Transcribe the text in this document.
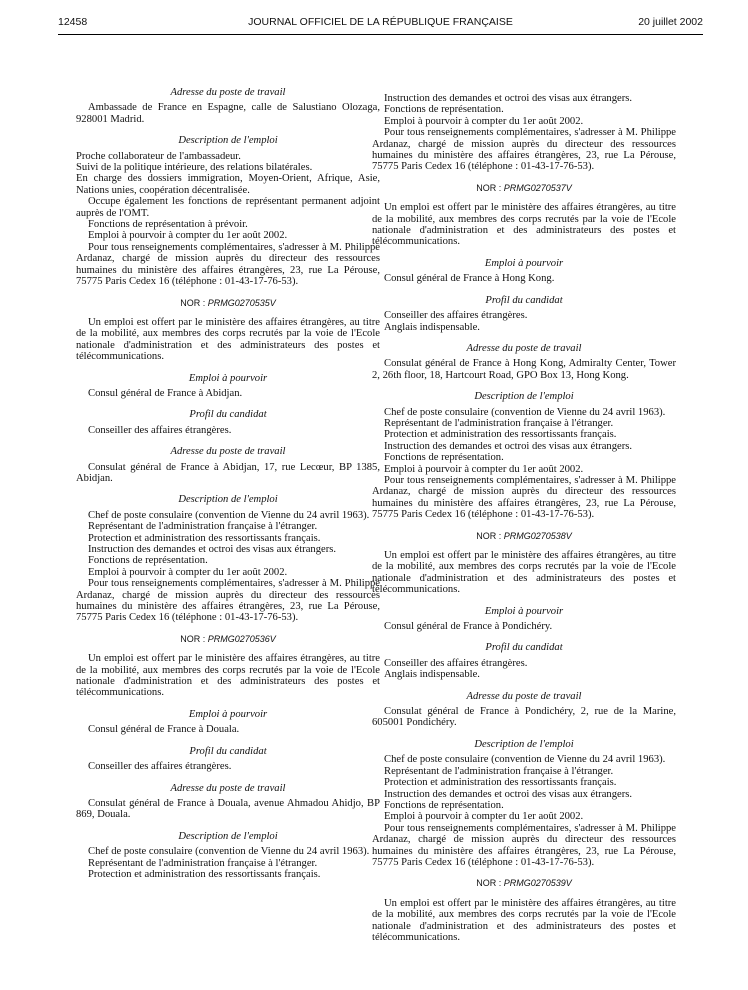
12458	JOURNAL OFFICIEL DE LA RÉPUBLIQUE FRANÇAISE	20 juillet 2002
Adresse du poste de travail

Ambassade de France en Espagne, calle de Salustiano Olozaga, 928001 Madrid.

Description de l'emploi

Proche collaborateur de l'ambassadeur.

Suivi de la politique intérieure, des relations bilatérales.

En charge des dossiers immigration, Moyen-Orient, Afrique, Asie, Nations unies, coopération décentralisée.

Occupe également les fonctions de représentant permanent adjoint auprès de l'OMT.

Fonctions de représentation à prévoir.

Emploi à pourvoir à compter du 1er août 2002.

Pour tous renseignements complémentaires, s'adresser à M. Philippe Ardanaz, chargé de mission auprès du directeur des ressources humaines du ministère des affaires étrangères, 23, rue La Pérouse, 75775 Paris Cedex 16 (téléphone : 01-43-17-76-53).

NOR : PRMG0270535V

Un emploi est offert par le ministère des affaires étrangères, au titre de la mobilité, aux membres des corps recrutés par la voie de l'Ecole nationale d'administration et des administrateurs des postes et télécommunications.

Emploi à pourvoir

Consul général de France à Abidjan.

Profil du candidat

Conseiller des affaires étrangères.

Adresse du poste de travail

Consulat général de France à Abidjan, 17, rue Lecœur, BP 1385, Abidjan.

Description de l'emploi

Chef de poste consulaire (convention de Vienne du 24 avril 1963).

Représentant de l'administration française à l'étranger.

Protection et administration des ressortissants français.

Instruction des demandes et octroi des visas aux étrangers.

Fonctions de représentation.

Emploi à pourvoir à compter du 1er août 2002.

Pour tous renseignements complémentaires, s'adresser à M. Philippe Ardanaz, chargé de mission auprès du directeur des ressources humaines du ministère des affaires étrangères, 23, rue La Pérouse, 75775 Paris Cedex 16 (téléphone : 01-43-17-76-53).

NOR : PRMG0270536V

Un emploi est offert par le ministère des affaires étrangères, au titre de la mobilité, aux membres des corps recrutés par la voie de l'Ecole nationale d'administration et des administrateurs des postes et télécommunications.

Emploi à pourvoir

Consul général de France à Douala.

Profil du candidat

Conseiller des affaires étrangères.

Adresse du poste de travail

Consulat général de France à Douala, avenue Ahmadou Ahidjo, BP 869, Douala.

Description de l'emploi

Chef de poste consulaire (convention de Vienne du 24 avril 1963).

Représentant de l'administration française à l'étranger.

Protection et administration des ressortissants français.

Instruction des demandes et octroi des visas aux étrangers.

Fonctions de représentation.

Emploi à pourvoir à compter du 1er août 2002.

Pour tous renseignements complémentaires, s'adresser à M. Philippe Ardanaz, chargé de mission auprès du directeur des ressources humaines du ministère des affaires étrangères, 23, rue La Pérouse, 75775 Paris Cedex 16 (téléphone : 01-43-17-76-53).

NOR : PRMG0270537V

Un emploi est offert par le ministère des affaires étrangères, au titre de la mobilité, aux membres des corps recrutés par la voie de l'Ecole nationale d'administration et des administrateurs des postes et télécommunications.

Emploi à pourvoir

Consul général de France à Hong Kong.

Profil du candidat

Conseiller des affaires étrangères.

Anglais indispensable.

Adresse du poste de travail

Consulat général de France à Hong Kong, Admiralty Center, Tower 2, 26th floor, 18, Hartcourt Road, GPO Box 13, Hong Kong.

Description de l'emploi

Chef de poste consulaire (convention de Vienne du 24 avril 1963).

Représentant de l'administration française à l'étranger.

Protection et administration des ressortissants français.

Instruction des demandes et octroi des visas aux étrangers.

Fonctions de représentation.

Emploi à pourvoir à compter du 1er août 2002.

Pour tous renseignements complémentaires, s'adresser à M. Philippe Ardanaz, chargé de mission auprès du directeur des ressources humaines du ministère des affaires étrangères, 23, rue La Pérouse, 75775 Paris Cedex 16 (téléphone : 01-43-17-76-53).

NOR : PRMG0270538V

Un emploi est offert par le ministère des affaires étrangères, au titre de la mobilité, aux membres des corps recrutés par la voie de l'Ecole nationale d'administration et des administrateurs des postes et télécommunications.

Emploi à pourvoir

Consul général de France à Pondichéry.

Profil du candidat

Conseiller des affaires étrangères.

Anglais indispensable.

Adresse du poste de travail

Consulat général de France à Pondichéry, 2, rue de la Marine, 605001 Pondichéry.

Description de l'emploi

Chef de poste consulaire (convention de Vienne du 24 avril 1963).

Représentant de l'administration française à l'étranger.

Protection et administration des ressortissants français.

Instruction des demandes et octroi des visas aux étrangers.

Fonctions de représentation.

Emploi à pourvoir à compter du 1er août 2002.

Pour tous renseignements complémentaires, s'adresser à M. Philippe Ardanaz, chargé de mission auprès du directeur des ressources humaines du ministère des affaires étrangères, 23, rue La Pérouse, 75775 Paris Cedex 16 (téléphone : 01-43-17-76-53).

NOR : PRMG0270539V

Un emploi est offert par le ministère des affaires étrangères, au titre de la mobilité, aux membres des corps recrutés par la voie de l'Ecole nationale d'administration et des administrateurs des postes et télécommunications.
